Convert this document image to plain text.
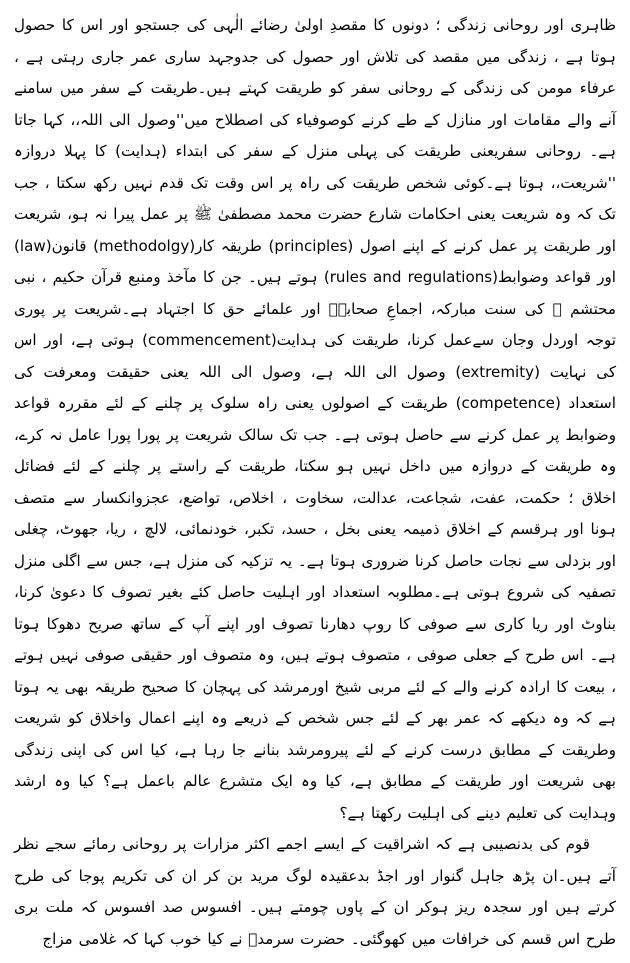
ظاہری اور روحانی زندگی ؛ دونوں کا مقصدِ اولیٰ رضائے الٰہی کی جستجو اور اس کا حصول ہوتا ہے ، زندگی میں مقصد کی تلاش اور حصول کی جدوجہد ساری عمر جاری رہتی ہے ، عرفاء مومن کی زندگی کے روحانی سفر کو طریقت کہتے ہیں۔طریقت کے سفر میں سامنے آنے والے مقامات اور منازل کے طے کرنے کوصوفیاء کی اصطلاح میں''وصول الی اللہ،، کہا جاتا ہے۔ روحانی سفریعنی طریقت کی پہلی منزل کے سفر کی ابتداء (ہدایت) کا پہلا دروازہ ''شریعت،، ہوتا ہے۔کوئی شخص طریقت کی راہ پر اس وقت تک قدم نہیں رکھ سکتا ، جب تک کہ وہ شریعت یعنی احکامات شارع حضرت محمد مصطفیٰ ﷺ پر عمل پیرا نہ ہو، شریعت اور طریقت پر عمل کرنے کے اپنے اصول (principles) طریقہ کار(methodolgy) قانون(law) اور قواعد وضوابط(rules and regulations) ہوتے ہیں۔ جن کا مآخذ ومنبع قرآن حکیم ، نبی محتشم ﷺ کی سنت مبارکہ، اجماعِ صحابہؓ اور علمائے حق کا اجتہاد ہے۔شریعت پر پوری توجہ اوردل وجان سےعمل کرنا، طریقت کی ہدایت(commencement) ہوتی ہے، اور اس کی نہایت (extremity) وصول الی اللہ ہے، وصول الی اللہ یعنی حقیقت ومعرفت کی استعداد (competence) طریقت کے اصولوں یعنی راہ سلوک پر چلنے کے لئے مقررہ قواعد وضوابط پر عمل کرنے سے حاصل ہوتی ہے۔ جب تک سالک شریعت پر پورا پورا عامل نہ کرے، وہ طریقت کے دروازہ میں داخل نہیں ہو سکتا، طریقت کے راستے پر چلنے کے لئے فضائل اخلاق ؛ حکمت، عفت، شجاعت، عدالت، سخاوت ، اخلاص، تواضع، عجزوانکسار سے متصف ہونا اور ہرقسم کے اخلاق ذمیمہ یعنی بخل ، حسد، تکبر، خودنمائی، لالچ ، ریا، جھوٹ، چغلی اور بزدلی سے نجات حاصل کرنا ضروری ہوتا ہے۔ یہ تزکیہ کی منزل ہے، جس سے اگلی منزل تصفیہ کی شروع ہوتی ہے۔مطلوبہ استعداد اور اہلیت حاصل کئے بغیر تصوف کا دعویٰ کرنا، بناوٹ اور ریا کاری سے صوفی کا روپ دھارنا تصوف اور اپنے آپ کے ساتھ صریح دھوکا ہوتا ہے۔ اس طرح کے جعلی صوفی ، متصوف ہوتے ہیں، وہ متصوف اور حقیقی صوفی نہیں ہوتے ، بیعت کا ارادہ کرنے والے کے لئے مربی شیخ اورمرشد کی پہچان کا صحیح طریقہ بھی یہ ہوتا ہے کہ وہ دیکھے کہ عمر بھر کے لئے جس شخص کے ذریعے وہ اپنے اعمال واخلاق کو شریعت وطریقت کے مطابق درست کرنے کے لئے پیرومرشد بنانے جا رہا ہے، کیا اس کی اپنی زندگی بھی شریعت اور طریقت کے مطابق ہے، کیا وہ ایک متشرع عالم باعمل ہے؟ کیا وہ ارشد وہدایت کی تعلیم دینے کی اہلیت رکھتا ہے؟

قوم کی بدنصیبی ہے کہ اشراقیت کے ایسے اجمے اکثر مزارات پر روحانی رمائے سجے نظر آتے ہیں۔ان پڑھ جاہل گنوار اور اجڈ بدعقیدہ لوگ مرید بن کر ان کی تکریم پوجا کی طرح کرتے ہیں اور سجدہ ریز ہوکر ان کے پاوں چومتے ہیں۔ افسوس صد افسوس کہ ملت بری طرح اس قسم کی خرافات میں کھوگئی۔ حضرت سرمدؒ نے کیا خوب کہا کہ غلامی مزاج
